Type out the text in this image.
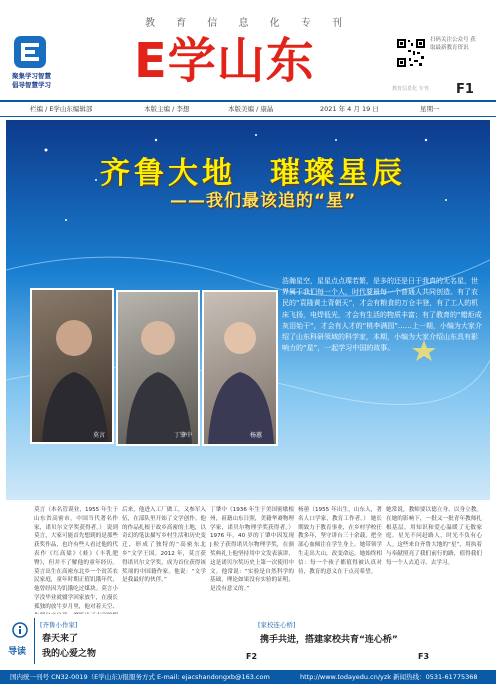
教 育 信 息 化 专 刊
聚集学习智慧
倡导智慧学习 E学山东	扫码关注公众号 获取最新教育资讯
教育信息化 专刊 F1
栏编 / E学山东编辑部	本版主编 / 李想	本版美编 / 康晶	2021 年 4 月 19 日	星期一
齐鲁大地　璀璨星辰
——我们最该追的“星”
莫言	丁肇中	杨蕙
浩瀚星空，星星点点璨若繁，是多的还是日于我真的无名星，世界属于我们每一个人，时代要最每一个普通人共同创造。有了农民的“袁隆黄土背朝天”，才会有粮食的万仓丰登，有了工人的机床飞扬，电焊低光，才会有生活的物质丰富；有了教育的“蜡炬成灰泪始干”，才会有人才的“桃李满园”……上一期，小编为大家介绍了山东科研领域的科学家，本期，小编为大家介绍山东具有影响力的“星”，一起学习中国的故事。
莫言（本名管谟业，1955 年生于山东省高密市，中国当代著名作家，诺贝尔文学奖获得者。） 说到莫言，大家可能首先想到的是那些获奖作品，也许有些人看过他的代表作《红高粱》《蛙》《丰乳肥臀》，但并不了解他的童年经历。莫言出生在高密东北乡一个贫苦农民家庭，童年时期正值饥饿年代，他曾经因为饥饿吃过煤块。莫言小学没毕业就辍学回家放牛，在漫长孤独的放牛岁月里，他对着天空、
后来，他进入工厂做工，又参军入伍，在部队里开始了文学创作。他的作品扎根于故乡高密的土地，以奇幻的笔法描写乡村生活和历史变迁，形成了独特的“高密东北乡”文学王国。2012 年，莫言获得诺贝尔文学奖，成为首位获得该奖项的中国籍作家。他说：“文学是我最好的伙伴。”
丁肇中（1936 年生于美国密歇根州，祖籍山东日照，美籍华裔物理学家，诺贝尔物理学奖获得者。） 1976 年，40 岁的丁肇中因发现 J 粒子获得诺贝尔物理学奖，在颁奖典礼上他坚持用中文发表演讲，这是诺贝尔奖历史上第一次使用中文。他常说：“实验是自然科学的基础，理论如果没有实验的证明，是没有意义的。”
杨蕙（1955 年出生，山东人，著名人口学家，教育工作者。） 她长期致力于教育事业，在乡村学校任教多年，坚守讲台三十余载，把全部心血倾注在学生身上。她带领学生走出大山，改变命运。她始终相信：每一个孩子都值得被认真对待，教育的意义在于点亮希望。
她常说，教师要以德立身、以身立教。在她的影响下，一批又一批青年教师扎根基层，用知识和爱心温暖了无数家庭。星光不问赶路人，时光不负有心人。这些来自齐鲁大地的“星”，用执着与奉献照亮了我们前行的路，值得我们每一个人去追寻、去学习。
导读
[齐鲁小作家]
春天来了
我的心爱之物	F2
[家校连心桥]
携手共进，搭建家校共育“连心桥”
F3
国内统一刊号 CN32-0019（E学山东)/报服务方式 E-mail: ejacshandongxb@163.com	http://www.todayedu.cn/yzk 新闻热线：0531-61775368
